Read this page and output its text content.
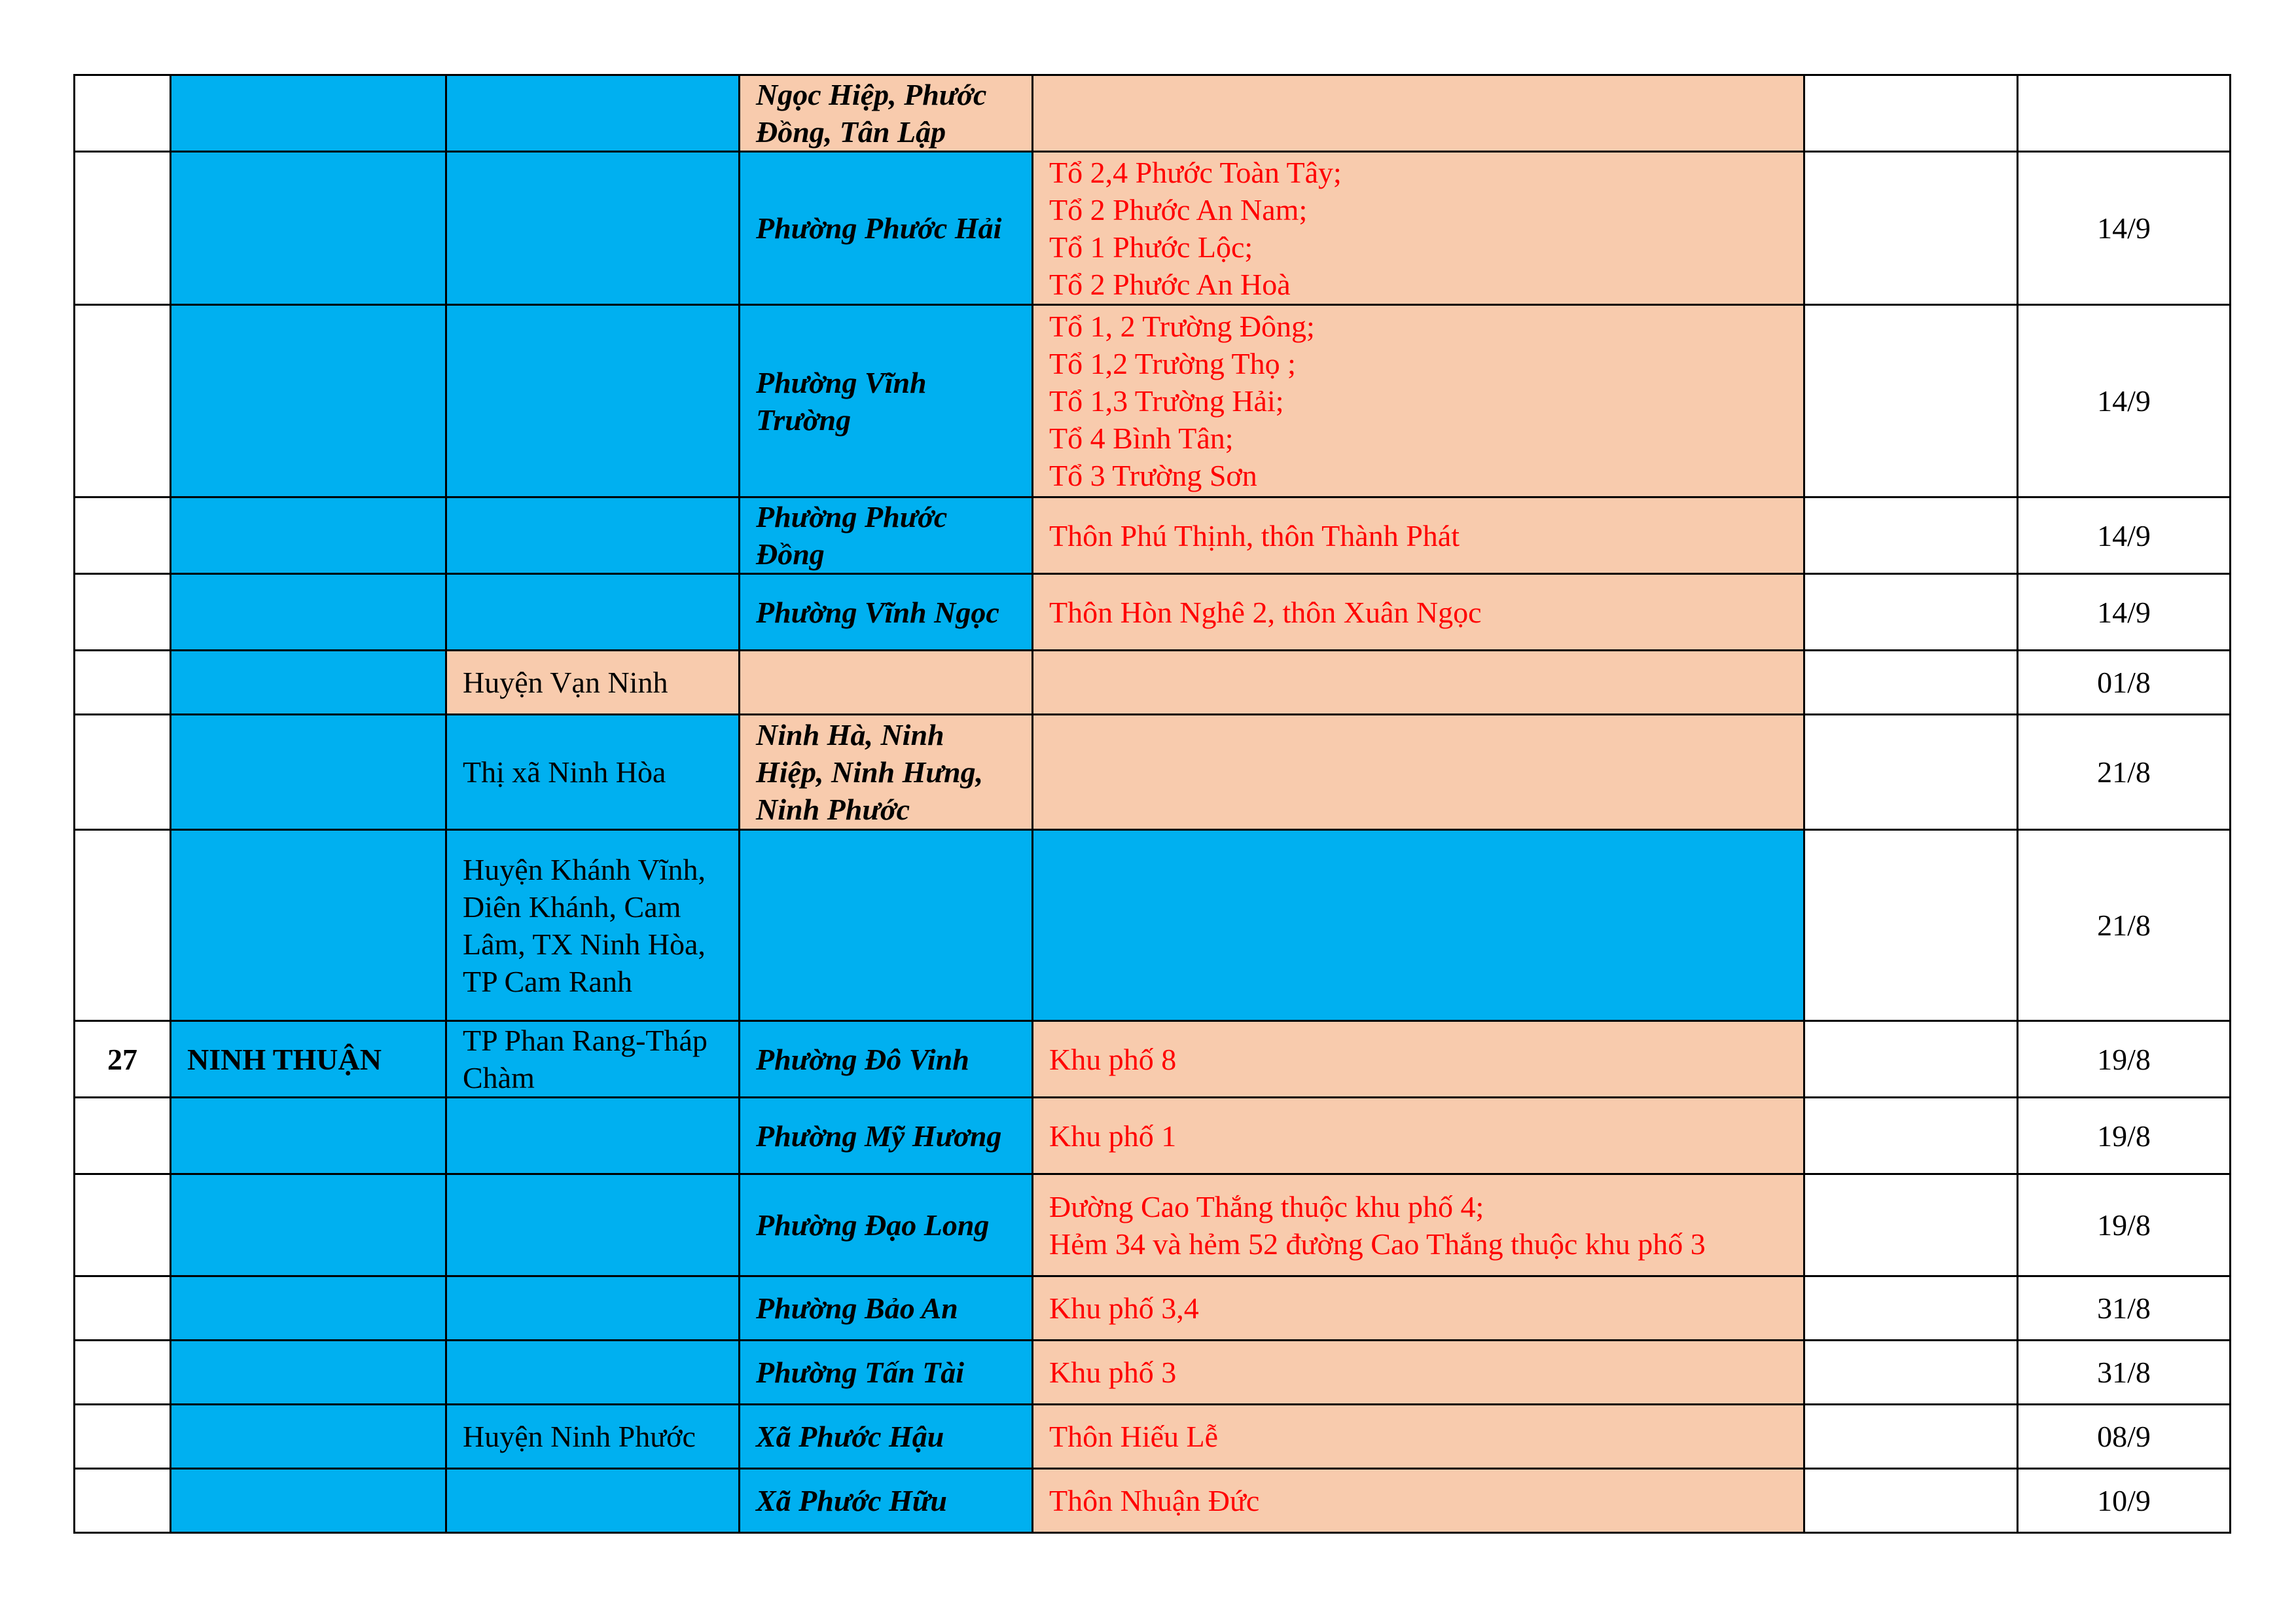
			Ngọc Hiệp, Phước Đồng, Tân Lập			
			Phường Phước Hải	Tổ 2,4 Phước Toàn Tây;
Tổ 2 Phước An Nam;
Tổ 1 Phước Lộc;
Tổ 2 Phước An Hoà		14/9
			Phường Vĩnh Trường	Tổ 1, 2 Trường Đông;
Tổ 1,2 Trường Thọ ;
Tổ 1,3 Trường Hải;
Tổ 4 Bình Tân;
Tổ 3 Trường Sơn		14/9
			Phường Phước Đồng	Thôn Phú Thịnh, thôn Thành Phát		14/9
			Phường Vĩnh Ngọc	Thôn Hòn Nghê 2, thôn Xuân Ngọc		14/9
		Huyện Vạn Ninh				01/8
		Thị xã Ninh Hòa	Ninh Hà, Ninh Hiệp, Ninh Hưng, Ninh Phước			21/8
		Huyện Khánh Vĩnh, Diên Khánh, Cam Lâm, TX Ninh Hòa, TP Cam Ranh				21/8
27	NINH THUẬN	TP Phan Rang-Tháp Chàm	Phường Đô Vinh	Khu phố 8		19/8
			Phường Mỹ Hương	Khu phố 1		19/8
			Phường Đạo Long	Đường Cao Thắng thuộc khu phố 4;
Hẻm 34 và hẻm 52 đường Cao Thắng thuộc khu phố 3		19/8
			Phường Bảo An	Khu phố 3,4		31/8
			Phường Tấn Tài	Khu phố 3		31/8
		Huyện Ninh Phước	Xã Phước Hậu	Thôn Hiếu Lễ		08/9
			Xã Phước Hữu	Thôn Nhuận Đức		10/9
